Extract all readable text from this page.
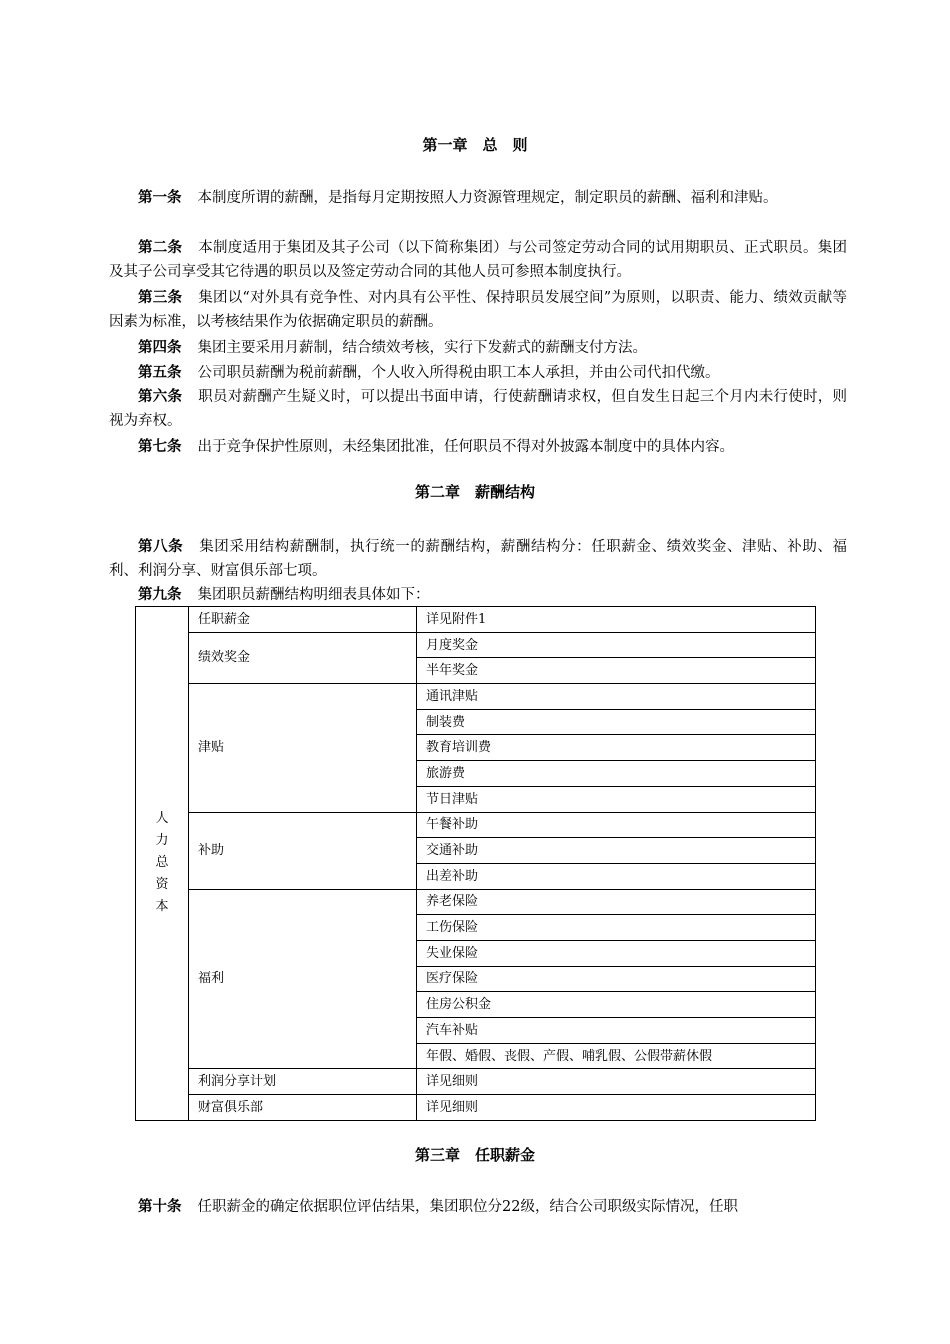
第一章　总　则
第一条 本制度所谓的薪酬，是指每月定期按照人力资源管理规定，制定职员的薪酬、福利和津贴。
第二条 本制度适用于集团及其子公司（以下简称集团）与公司签定劳动合同的试用期职员、正式职员。集团及其子公司享受其它待遇的职员以及签定劳动合同的其他人员可参照本制度执行。
第三条 集团以“对外具有竞争性、对内具有公平性、保持职员发展空间”为原则，以职责、能力、绩效贡献等因素为标准，以考核结果作为依据确定职员的薪酬。
第四条 集团主要采用月薪制，结合绩效考核，实行下发薪式的薪酬支付方法。
第五条 公司职员薪酬为税前薪酬，个人收入所得税由职工本人承担，并由公司代扣代缴。
第六条 职员对薪酬产生疑义时，可以提出书面申请，行使薪酬请求权，但自发生日起三个月内未行使时，则视为弃权。
第七条 出于竞争保护性原则，未经集团批准，任何职员不得对外披露本制度中的具体内容。
第二章　薪酬结构
第八条 集团采用结构薪酬制，执行统一的薪酬结构，薪酬结构分：任职薪金、绩效奖金、津贴、补助、福利、利润分享、财富俱乐部七项。
第九条 集团职员薪酬结构明细表具体如下：
人
力
总
资
本	任职薪金	详见附件1
	绩效奖金	月度奖金
		半年奖金
	津贴	通讯津贴
		制装费
		教育培训费
		旅游费
		节日津贴
	补助	午餐补助
		交通补助
		出差补助
	福利	养老保险
		工伤保险
		失业保险
		医疗保险
		住房公积金
		汽车补贴
		年假、婚假、丧假、产假、哺乳假、公假带薪休假
	利润分享计划	详见细则
	财富俱乐部	详见细则
第三章　任职薪金
第十条 任职薪金的确定依据职位评估结果，集团职位分22级，结合公司职级实际情况，任职
